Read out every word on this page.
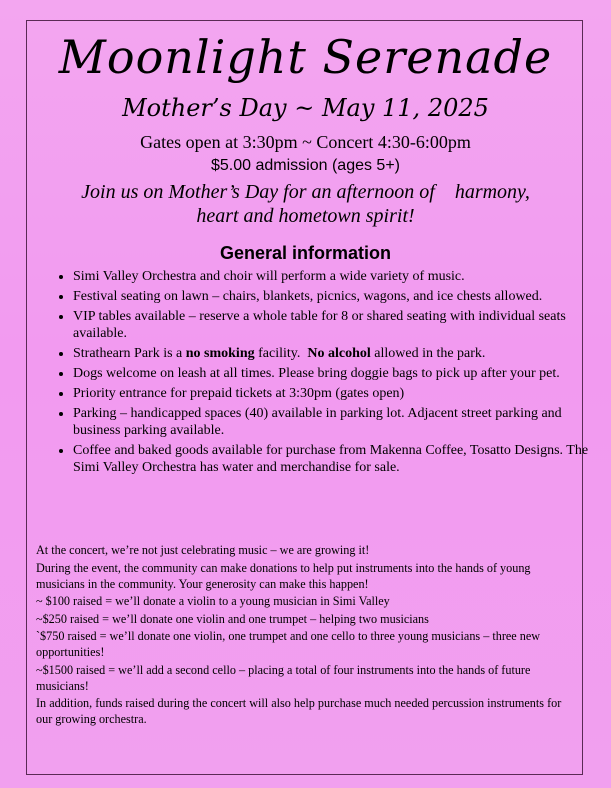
Moonlight Serenade
Mother’s Day ~ May 11, 2025
Gates open at 3:30pm ~ Concert 4:30-6:00pm
$5.00 admission (ages 5+)
Join us on Mother’s Day for an afternoon of    harmony,
heart and hometown spirit!
General information
• Simi Valley Orchestra and choir will perform a wide variety of music.
• Festival seating on lawn – chairs, blankets, picnics, wagons, and ice chests allowed.
• VIP tables available – reserve a whole table for 8 or shared seating with individual seats available.
• Strathearn Park is a no smoking facility.  No alcohol allowed in the park.
• Dogs welcome on leash at all times. Please bring doggie bags to pick up after your pet.
• Priority entrance for prepaid tickets at 3:30pm (gates open)
• Parking – handicapped spaces (40) available in parking lot. Adjacent street parking and business parking available.
• Coffee and baked goods available for purchase from Makenna Coffee, Tosatto Designs. The Simi Valley Orchestra has water and merchandise for sale.

At the concert, we’re not just celebrating music – we are growing it!

During the event, the community can make donations to help put instruments into the hands of young musicians in the community. Your generosity can make this happen!

~ $100 raised = we’ll donate a violin to a young musician in Simi Valley

~$250 raised = we’ll donate one violin and one trumpet – helping two musicians

`$750 raised = we’ll donate one violin, one trumpet and one cello to three young musicians – three new opportunities!

~$1500 raised = we’ll add a second cello – placing a total of four instruments into the hands of future musicians!

In addition, funds raised during the concert will also help purchase much needed percussion instruments for our growing orchestra.
